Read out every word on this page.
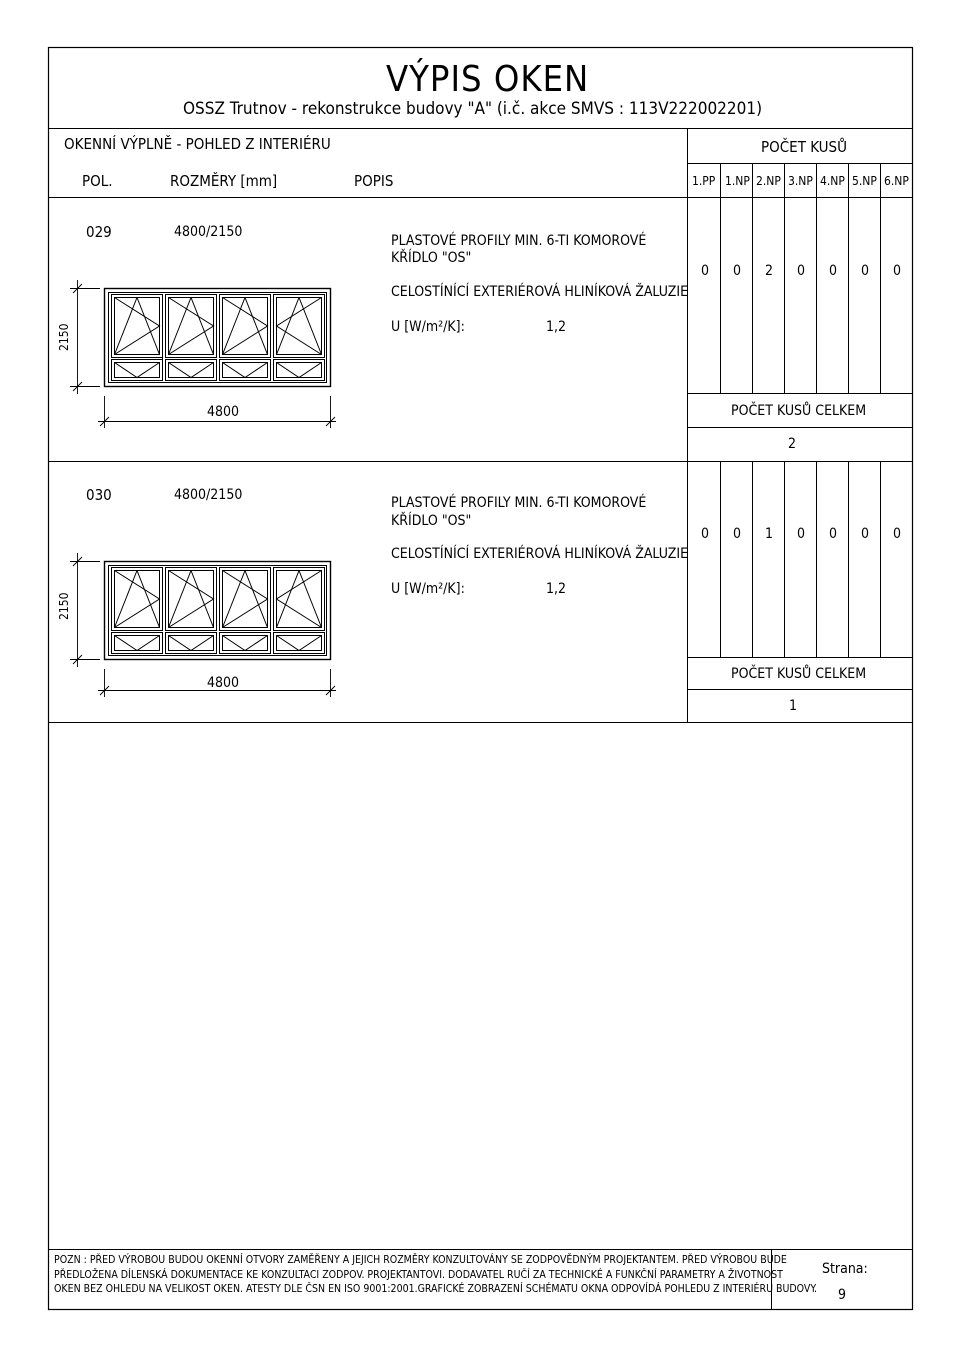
VÝPIS OKEN
OSSZ Trutnov - rekonstrukce budovy "A" (i.č. akce SMVS : 113V222002201)
OKENNÍ VÝPLNĚ - POHLED Z INTERIÉRU	POČET KUSŮ
POL.	ROZMĚRY [mm]	POPIS	1.PP 1.NP 2.NP 3.NP 4.NP 5.NP 6.NP
029	4800/2150
PLASTOVÉ PROFILY MIN. 6-TI KOMOROVÉ
KŘÍDLO "OS"
CELOSTÍNÍCÍ EXTERIÉROVÁ HLINÍKOVÁ ŽALUZIE
U [W/m²/K]:	1,2
0 0 2 0 0 0 0
POČET KUSŮ CELKEM
2
4800
2150
030	4800/2150	PLASTOVÉ PROFILY MIN. 6-TI KOMOROVÉ
KŘÍDLO "OS"
CELOSTÍNÍCÍ EXTERIÉROVÁ HLINÍKOVÁ ŽALUZIE
U [W/m²/K]:	1,2
0 0 1 0 0 0 0
POČET KUSŮ CELKEM
1
4800
2150
POZN : PŘED VÝROBOU BUDOU OKENNÍ OTVORY ZAMĚŘENY A JEJICH ROZMĚRY KONZULTOVÁNY SE ZODPOVĚDNÝM PROJEKTANTEM. PŘED VÝROBOU BUDE
PŘEDLOŽENA DÍLENSKÁ DOKUMENTACE KE KONZULTACI ZODPOV. PROJEKTANTOVI. DODAVATEL RUČÍ ZA TECHNICKÉ A FUNKČNÍ PARAMETRY A ŽIVOTNOST
OKEN BEZ OHLEDU NA VELIKOST OKEN. ATESTY DLE ČSN EN ISO 9001:2001.GRAFICKÉ ZOBRAZENÍ SCHÉMATU OKNA ODPOVÍDÁ POHLEDU Z INTERIÉRU BUDOVY.
Strana:
9
